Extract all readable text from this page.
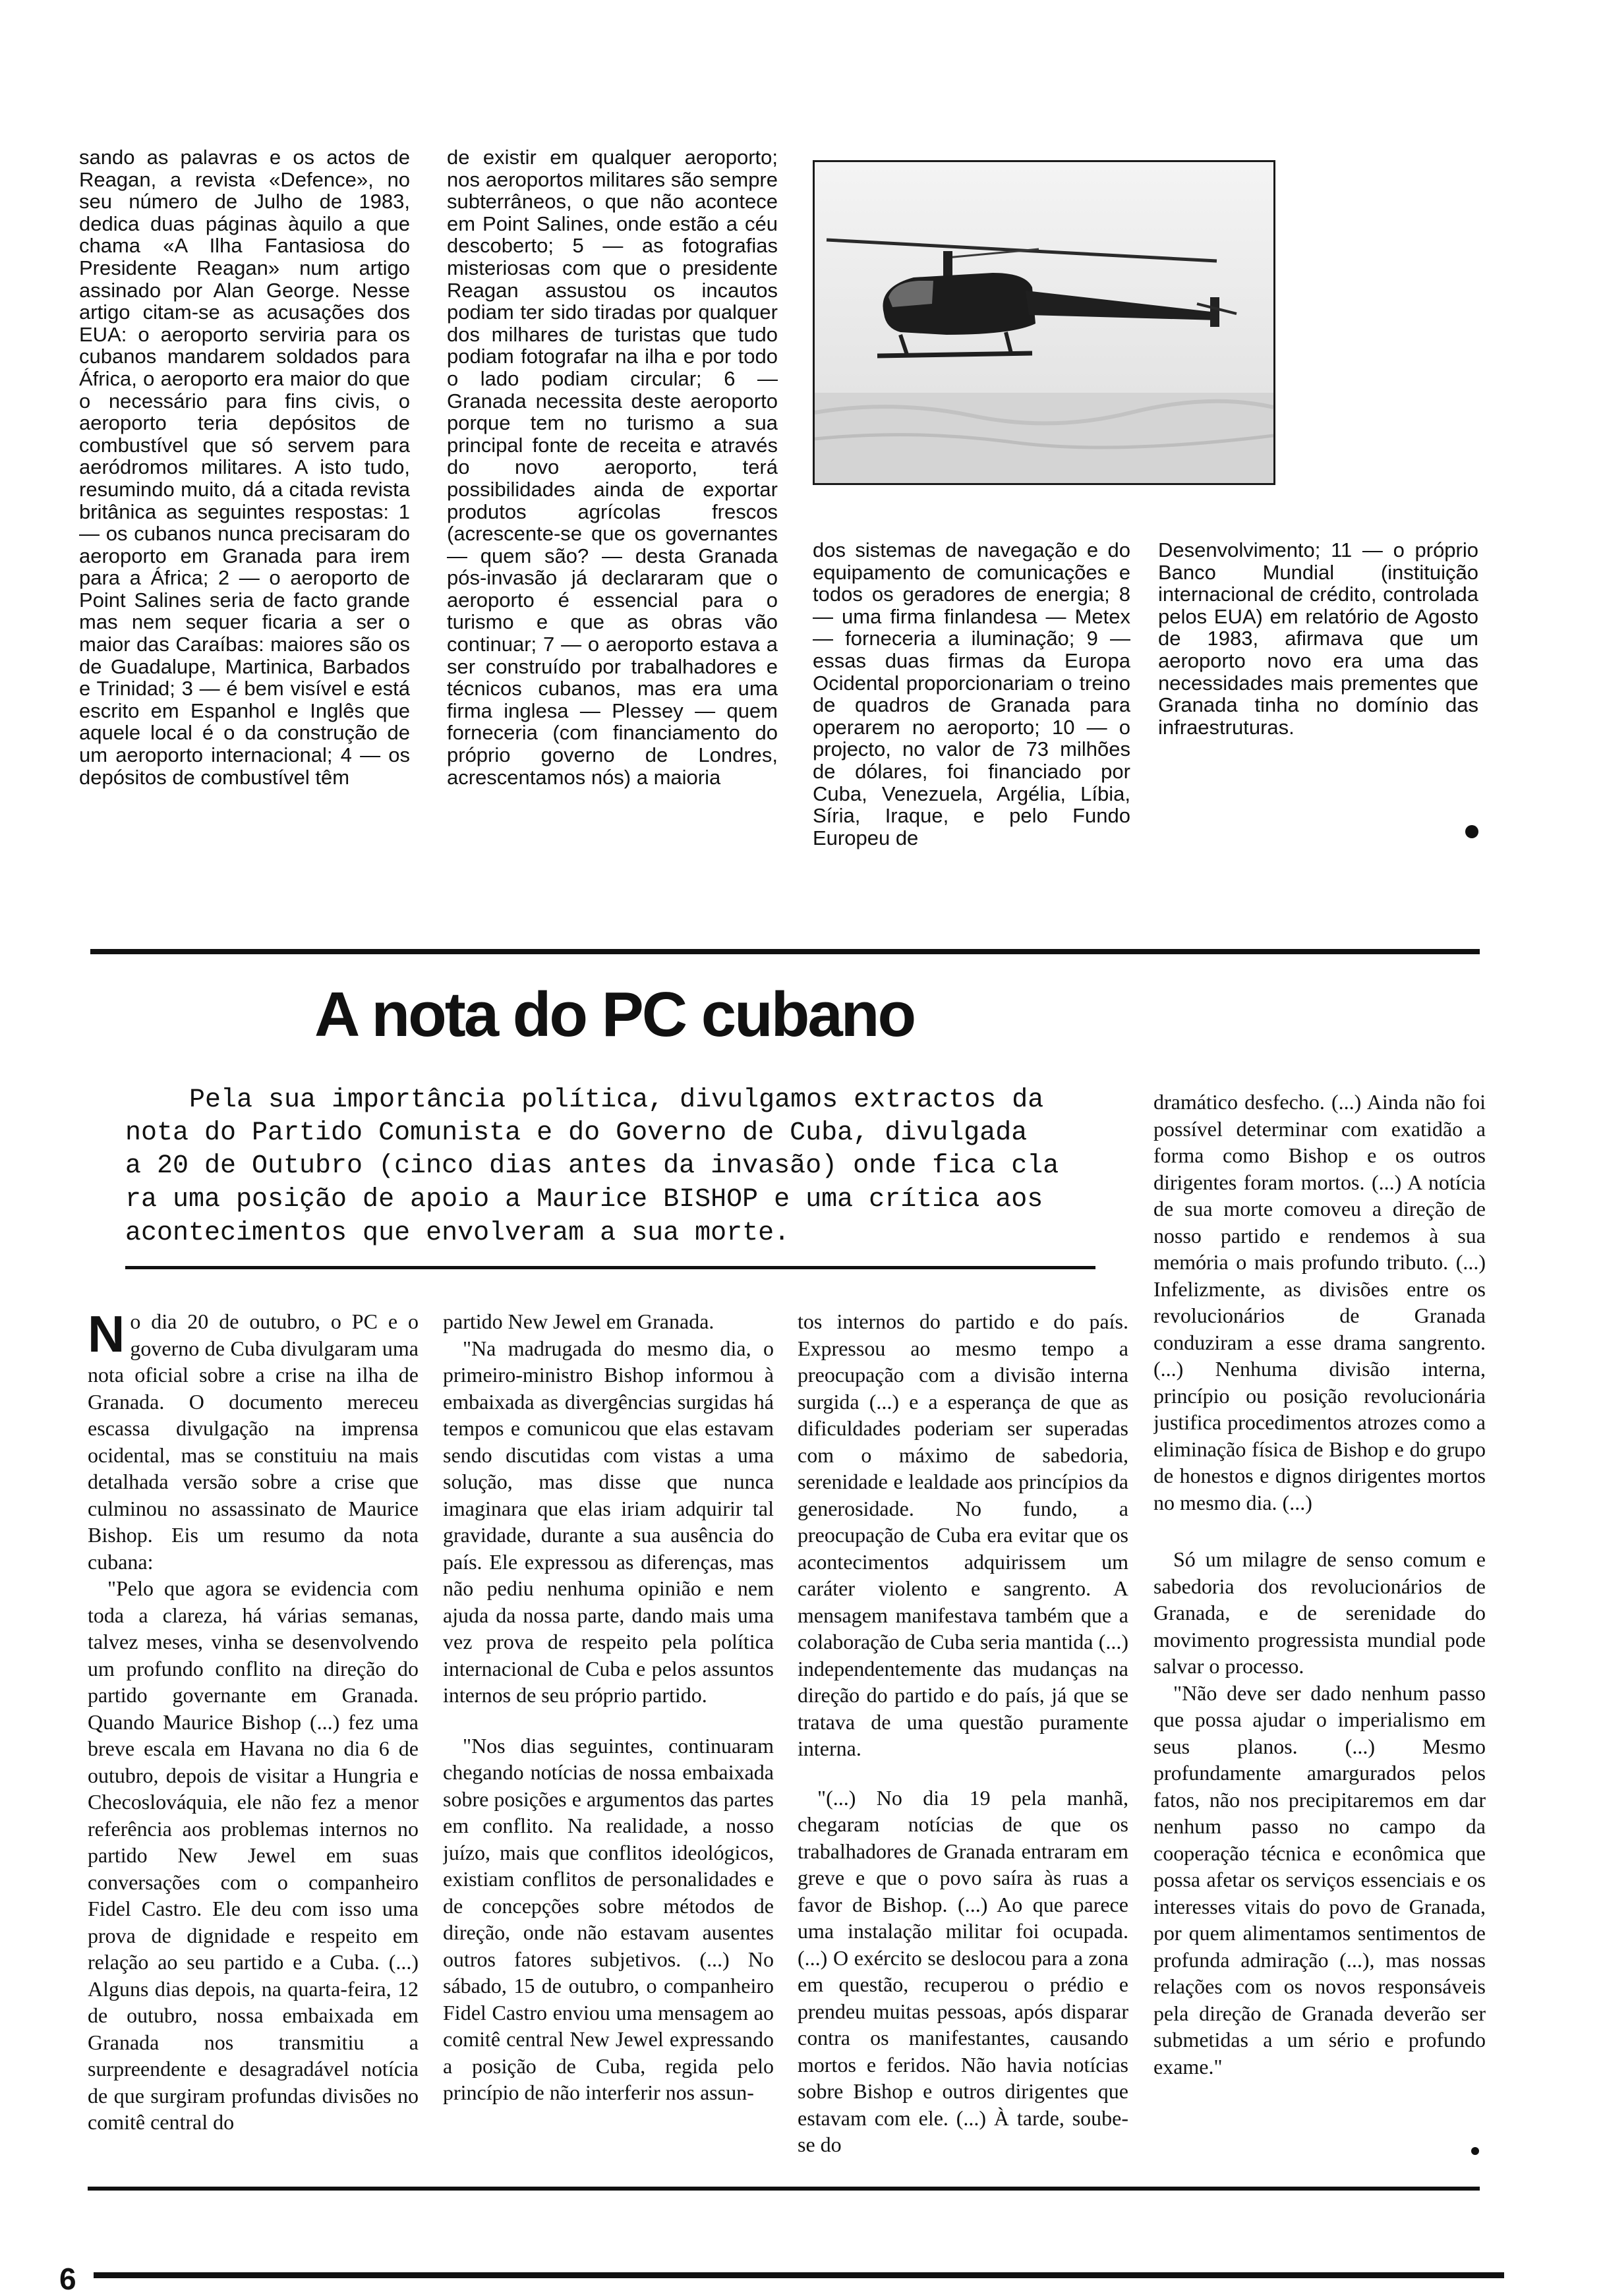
sando as palavras e os actos de Reagan, a revista «Defence», no seu número de Julho de 1983, dedica duas páginas àquilo a que chama «A Ilha Fantasiosa do Presidente Reagan» num artigo assinado por Alan George. Nesse artigo citam-se as acusações dos EUA: o aeroporto serviria para os cubanos mandarem soldados para África, o aeroporto era maior do que o necessário para fins civis, o aeroporto teria depósitos de combustível que só servem para aeródromos militares. A isto tudo, resumindo muito, dá a citada revista britânica as seguintes respostas: 1 — os cubanos nunca precisaram do aeroporto em Granada para irem para a África; 2 — o aeroporto de Point Salines seria de facto grande mas nem sequer ficaria a ser o maior das Caraíbas: maiores são os de Guadalupe, Martinica, Barbados e Trinidad; 3 — é bem visível e está escrito em Espanhol e Inglês que aquele local é o da construção de um aeroporto internacional; 4 — os depósitos de combustível têm
de existir em qualquer aeroporto; nos aeroportos militares são sempre subterrâneos, o que não acontece em Point Salines, onde estão a céu descoberto; 5 — as fotografias misteriosas com que o presidente Reagan assustou os incautos podiam ter sido tiradas por qualquer dos milhares de turistas que tudo podiam fotografar na ilha e por todo o lado podiam circular; 6 — Granada necessita deste aeroporto porque tem no turismo a sua principal fonte de receita e através do novo aeroporto, terá possibilidades ainda de exportar produtos agrícolas frescos (acrescente-se que os governantes — quem são? — desta Granada pós-invasão já declararam que o aeroporto é essencial para o turismo e que as obras vão continuar; 7 — o aeroporto estava a ser construído por trabalhadores e técnicos cubanos, mas era uma firma inglesa — Plessey — quem forneceria (com financiamento do próprio governo de Londres, acrescentamos nós) a maioria
dos sistemas de navegação e do equipamento de comunicações e todos os geradores de energia; 8 — uma firma finlandesa — Metex — forneceria a iluminação; 9 — essas duas firmas da Europa Ocidental proporcionariam o treino de quadros de Granada para operarem no aeroporto; 10 — o projecto, no valor de 73 milhões de dólares, foi financiado por Cuba, Venezuela, Argélia, Líbia, Síria, Iraque, e pelo Fundo Europeu de
Desenvolvimento; 11 — o próprio Banco Mundial (instituição internacional de crédito, controlada pelos EUA) em relatório de Agosto de 1983, afirmava que um aeroporto novo era uma das necessidades mais prementes que Granada tinha no domínio das infraestruturas.
A nota do PC cubano
Pela sua importância política, divulgamos extractos da
nota do Partido Comunista e do Governo de Cuba, divulgada
a 20 de Outubro (cinco dias antes da invasão) onde fica cla
ra uma posição de apoio a Maurice BISHOP e uma crítica aos
acontecimentos que envolveram a sua morte.

No dia 20 de outubro, o PC e o governo de Cuba divulgaram uma nota oficial sobre a crise na ilha de Granada. O documento mereceu escassa divulgação na imprensa ocidental, mas se constituiu na mais detalhada versão sobre a crise que culminou no assassinato de Maurice Bishop. Eis um resumo da nota cubana:

"Pelo que agora se evidencia com toda a clareza, há várias semanas, talvez meses, vinha se desenvolvendo um profundo conflito na direção do partido governante em Granada. Quando Maurice Bishop (...) fez uma breve escala em Havana no dia 6 de outubro, depois de visitar a Hungria e Checoslováquia, ele não fez a menor referência aos problemas internos no partido New Jewel em suas conversações com o companheiro Fidel Castro. Ele deu com isso uma prova de dignidade e respeito em relação ao seu partido e a Cuba. (...) Alguns dias depois, na quarta-feira, 12 de outubro, nossa embaixada em Granada nos transmitiu a surpreendente e desagradável notícia de que surgiram profundas divisões no comitê central do

partido New Jewel em Granada.

"Na madrugada do mesmo dia, o primeiro-ministro Bishop informou à embaixada as divergências surgidas há tempos e comunicou que elas estavam sendo discutidas com vistas a uma solução, mas disse que nunca imaginara que elas iriam adquirir tal gravidade, durante a sua ausência do país. Ele expressou as diferenças, mas não pediu nenhuma opinião e nem ajuda da nossa parte, dando mais uma vez prova de respeito pela política internacional de Cuba e pelos assuntos internos de seu próprio partido.

"Nos dias seguintes, continuaram chegando notícias de nossa embaixada sobre posições e argumentos das partes em conflito. Na realidade, a nosso juízo, mais que conflitos ideológicos, existiam conflitos de personalidades e de concepções sobre métodos de direção, onde não estavam ausentes outros fatores subjetivos. (...) No sábado, 15 de outubro, o companheiro Fidel Castro enviou uma mensagem ao comitê central New Jewel expressando a posição de Cuba, regida pelo princípio de não interferir nos assun-

tos internos do partido e do país. Expressou ao mesmo tempo a preocupação com a divisão interna surgida (...) e a esperança de que as dificuldades poderiam ser superadas com o máximo de sabedoria, serenidade e lealdade aos princípios da generosidade. No fundo, a preocupação de Cuba era evitar que os acontecimentos adquirissem um caráter violento e sangrento. A mensagem manifestava também que a colaboração de Cuba seria mantida (...) independentemente das mudanças na direção do partido e do país, já que se tratava de uma questão puramente interna.

"(...) No dia 19 pela manhã, chegaram notícias de que os trabalhadores de Granada entraram em greve e que o povo saíra às ruas a favor de Bishop. (...) Ao que parece uma instalação militar foi ocupada. (...) O exército se deslocou para a zona em questão, recuperou o prédio e prendeu muitas pessoas, após disparar contra os manifestantes, causando mortos e feridos. Não havia notícias sobre Bishop e outros dirigentes que estavam com ele. (...) À tarde, soube-se do

dramático desfecho. (...) Ainda não foi possível determinar com exatidão a forma como Bishop e os outros dirigentes foram mortos. (...) A notícia de sua morte comoveu a direção de nosso partido e rendemos à sua memória o mais profundo tributo. (...) Infelizmente, as divisões entre os revolucionários de Granada conduziram a esse drama sangrento. (...) Nenhuma divisão interna, princípio ou posição revolucionária justifica procedimentos atrozes como a eliminação física de Bishop e do grupo de honestos e dignos dirigentes mortos no mesmo dia. (...)

Só um milagre de senso comum e sabedoria dos revolucionários de Granada, e de serenidade do movimento progressista mundial pode salvar o processo.

"Não deve ser dado nenhum passo que possa ajudar o imperialismo em seus planos. (...) Mesmo profundamente amargurados pelos fatos, não nos precipitaremos em dar nenhum passo no campo da cooperação técnica e econômica que possa afetar os serviços essenciais e os interesses vitais do povo de Granada, por quem alimentamos sentimentos de profunda admiração (...), mas nossas relações com os novos responsáveis pela direção de Granada deverão ser submetidas a um sério e profundo exame."

6
